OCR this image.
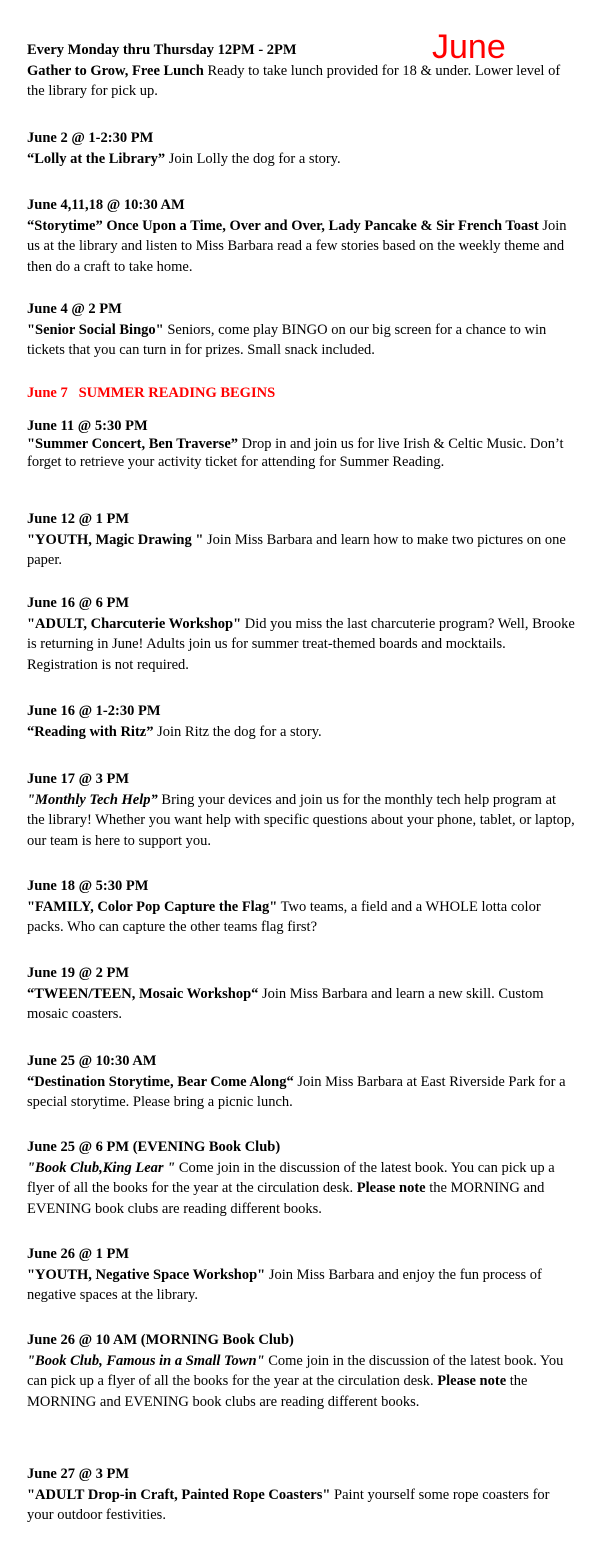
June
Every Monday thru Thursday 12PM - 2PM
Gather to Grow, Free Lunch Ready to take lunch provided for 18 & under. Lower level of the library for pick up.
June 2 @ 1-2:30 PM
“Lolly at the Library” Join Lolly the dog for a story.
June 4,11,18 @ 10:30 AM
“Storytime” Once Upon a Time, Over and Over, Lady Pancake & Sir French Toast Join us at the library and listen to Miss Barbara read a few stories based on the weekly theme and then do a craft to take home.
June 4 @ 2 PM
"Senior Social Bingo" Seniors, come play BINGO on our big screen for a chance to win tickets that you can turn in for prizes. Small snack included.
June 7   SUMMER READING BEGINS
June 11 @ 5:30 PM
"Summer Concert, Ben Traverse” Drop in and join us for live Irish & Celtic Music. Don’t forget to retrieve your activity ticket for attending for Summer Reading.
June 12 @ 1 PM
"YOUTH, Magic Drawing " Join Miss Barbara and learn how to make two pictures on one paper.
June 16 @ 6 PM
"ADULT, Charcuterie Workshop" Did you miss the last charcuterie program? Well, Brooke is returning in June! Adults join us for summer treat-themed boards and mocktails. Registration is not required.
June 16 @ 1-2:30 PM
“Reading with Ritz” Join Ritz the dog for a story.
June 17 @ 3 PM
"Monthly Tech Help” Bring your devices and join us for the monthly tech help program at the library! Whether you want help with specific questions about your phone, tablet, or laptop, our team is here to support you.
June 18 @ 5:30 PM
"FAMILY, Color Pop Capture the Flag" Two teams, a field and a WHOLE lotta color packs. Who can capture the other teams flag first?
June 19 @ 2 PM
“TWEEN/TEEN, Mosaic Workshop“ Join Miss Barbara and learn a new skill. Custom mosaic coasters.
June 25 @ 10:30 AM
“Destination Storytime, Bear Come Along“ Join Miss Barbara at East Riverside Park for a special storytime. Please bring a picnic lunch.
June 25 @ 6 PM (EVENING Book Club)
"Book Club,King Lear " Come join in the discussion of the latest book. You can pick up a flyer of all the books for the year at the circulation desk. Please note the MORNING and EVENING book clubs are reading different books.
June 26 @ 1 PM
"YOUTH, Negative Space Workshop" Join Miss Barbara and enjoy the fun process of negative spaces at the library.
June 26 @ 10 AM (MORNING Book Club)
"Book Club, Famous in a Small Town" Come join in the discussion of the latest book. You can pick up a flyer of all the books for the year at the circulation desk. Please note the MORNING and EVENING book clubs are reading different books.
June 27 @ 3 PM
"ADULT Drop-in Craft, Painted Rope Coasters" Paint yourself some rope coasters for your outdoor festivities.
